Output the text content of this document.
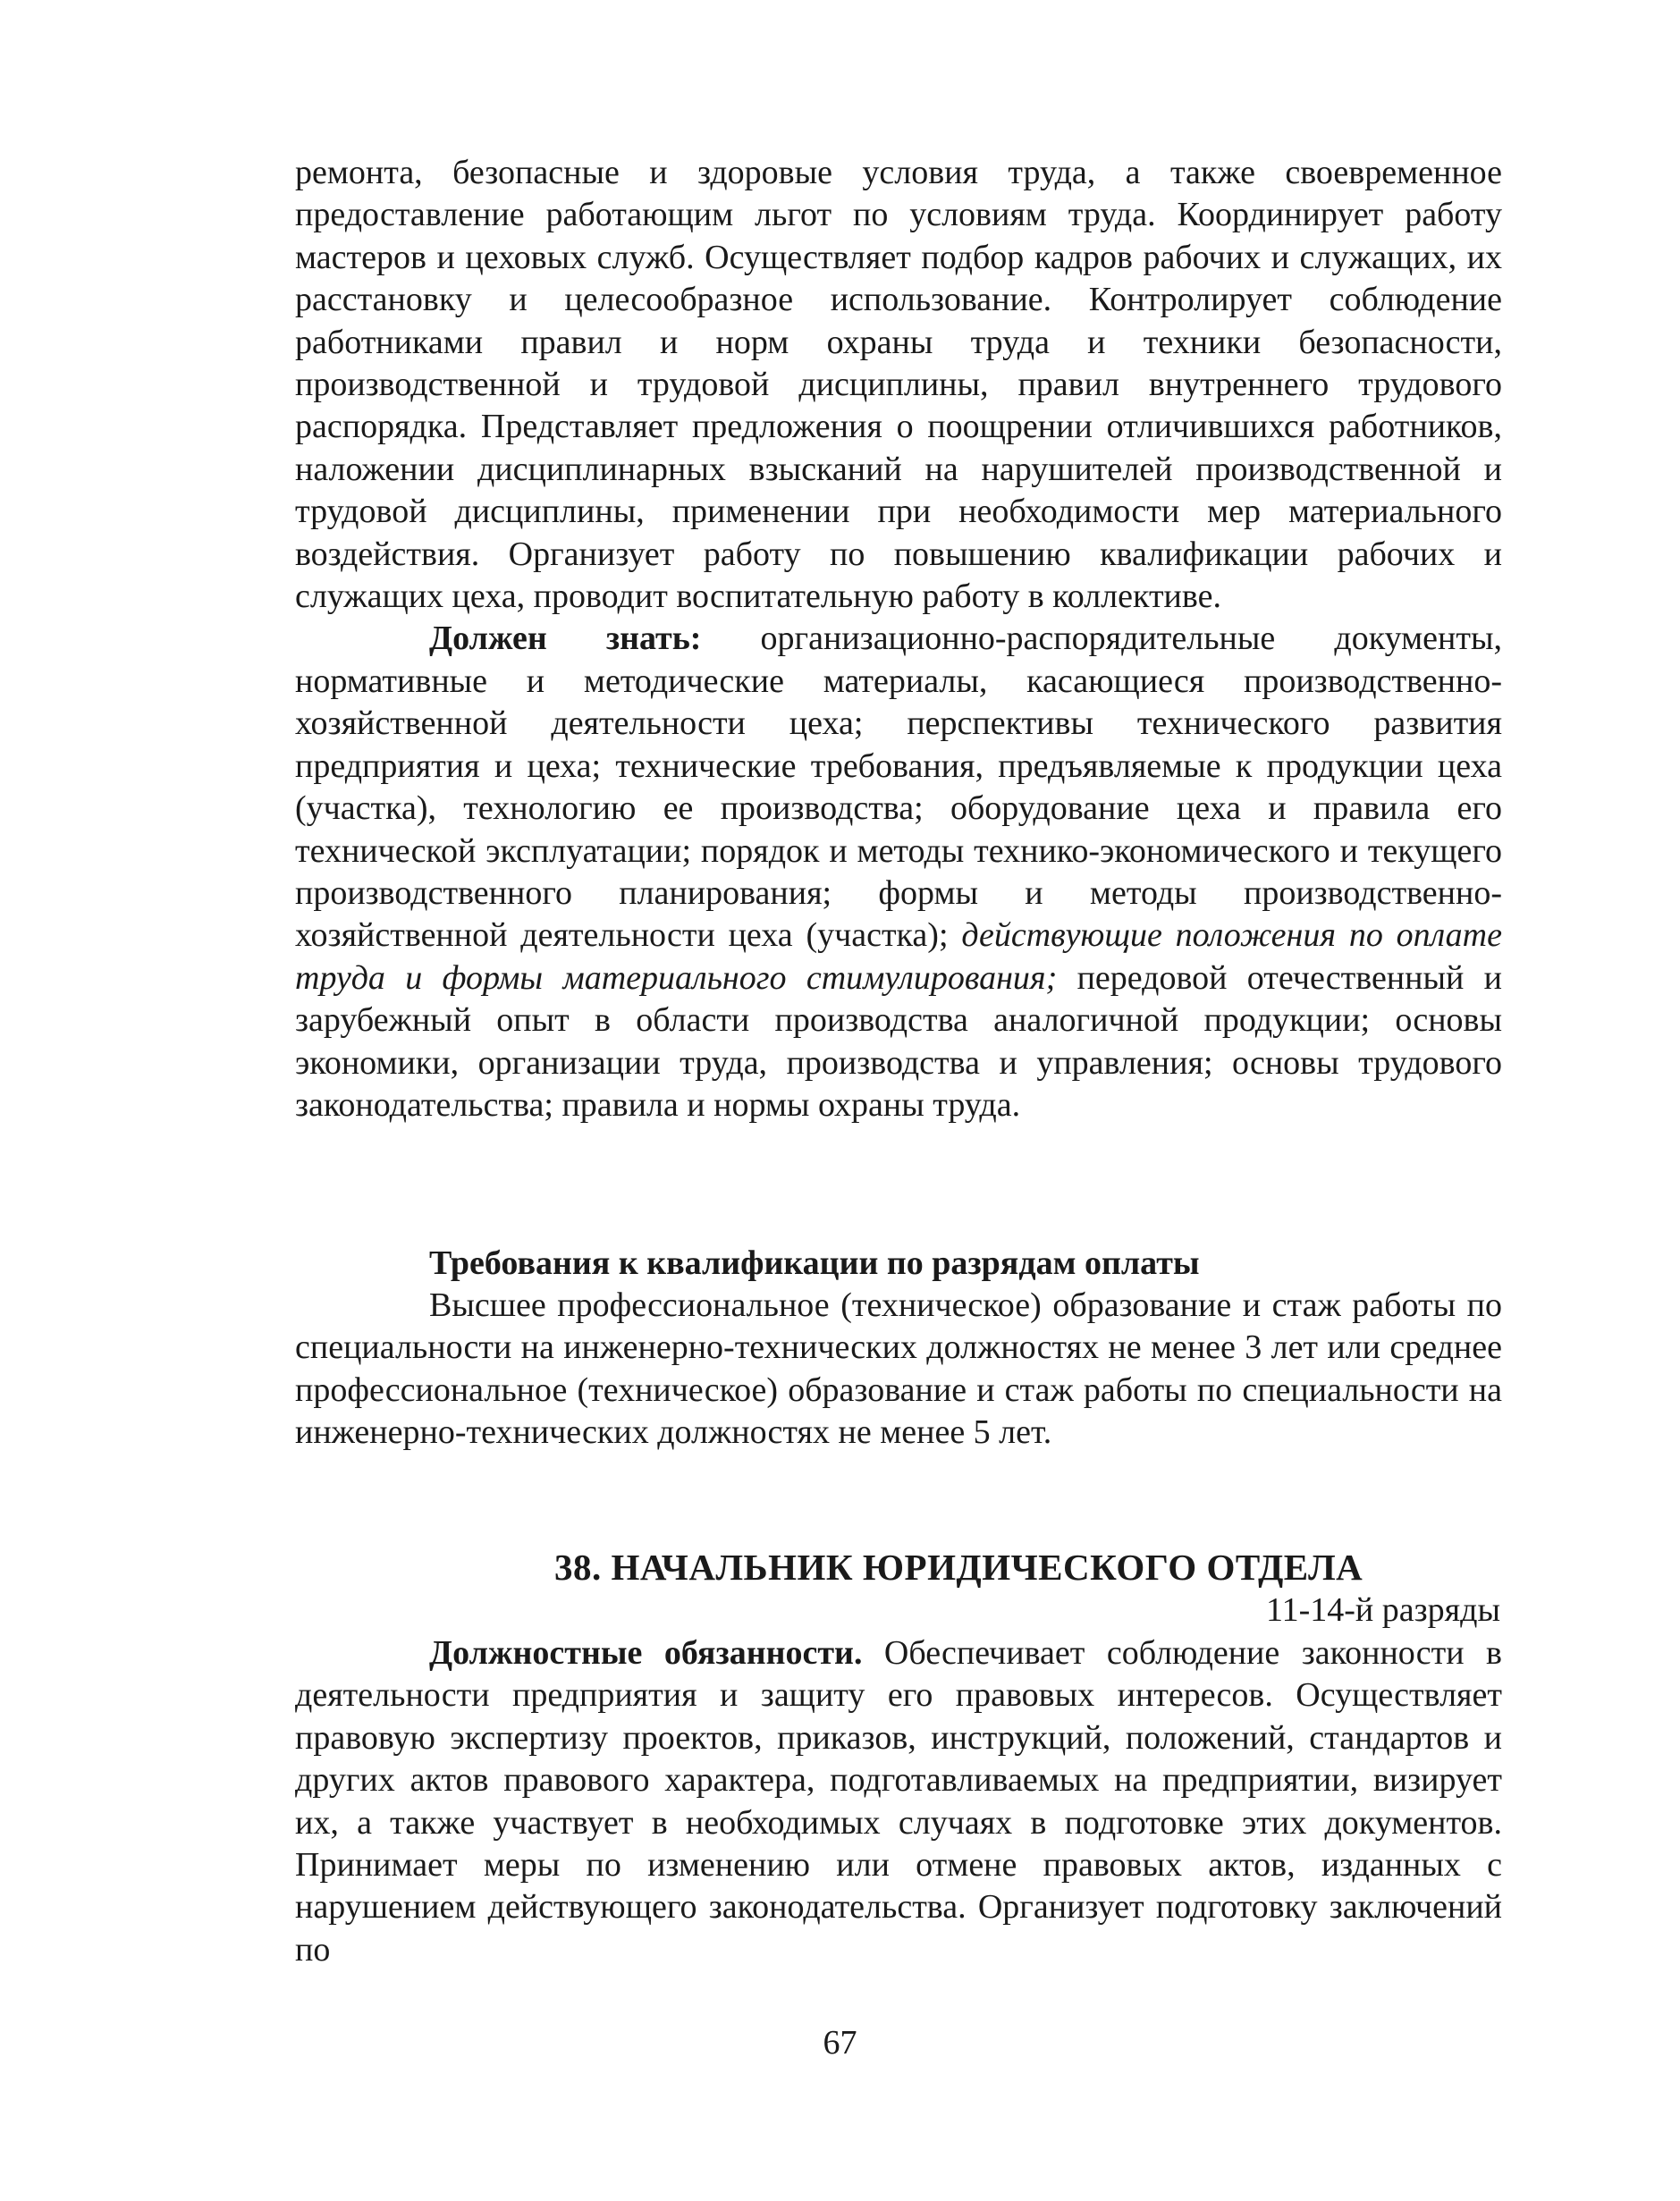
ремонта, безопасные и здоровые условия труда, а также своевременное предоставление работающим льгот по условиям труда. Координирует работу мастеров и цеховых служб. Осуществляет подбор кадров рабочих и служащих, их расстановку и целесообразное использование. Контролирует соблюдение работниками правил и норм охраны труда и техники безопасности, производственной и трудовой дисциплины, правил внутреннего трудового распорядка. Представляет предложения о поощрении отличившихся работников, наложении дисциплинарных взысканий на нарушителей производственной и трудовой дисциплины, применении при необходимости мер материального воздействия. Организует работу по повышению квалификации рабочих и служащих цеха, проводит воспитательную работу в коллективе.

Должен знать: организационно-распорядительные документы, нормативные и методические материалы, касающиеся производственно-хозяйственной деятельности цеха; перспективы технического развития предприятия и цеха; технические требования, предъявляемые к продукции цеха (участка), технологию ее производства; оборудование цеха и правила его технической эксплуатации; порядок и методы технико-экономического и текущего производственного планирования; формы и методы производственно-хозяйственной деятельности цеха (участка); действующие положения по оплате труда и формы материального стимулирования; передовой отечественный и зарубежный опыт в области производства аналогичной продукции; основы экономики, организации труда, производства и управления; основы трудового законодательства; правила и нормы охраны труда.

Требования к квалификации по разрядам оплаты

Высшее профессиональное (техническое) образование и стаж работы по специальности на инженерно-технических должностях не менее 3 лет или среднее профессиональное (техническое) образование и стаж работы по специальности на инженерно-технических должностях не менее 5 лет.

38. НАЧАЛЬНИК ЮРИДИЧЕСКОГО ОТДЕЛА
11-14-й разряды

Должностные обязанности. Обеспечивает соблюдение законности в деятельности предприятия и защиту его правовых интересов. Осуществляет правовую экспертизу проектов, приказов, инструкций, положений, стандартов и других актов правового характера, подготавливаемых на предприятии, визирует их, а также участвует в необходимых случаях в подготовке этих документов. Принимает меры по изменению или отмене правовых актов, изданных с нарушением действующего законодательства. Организует подготовку заключений по

67
